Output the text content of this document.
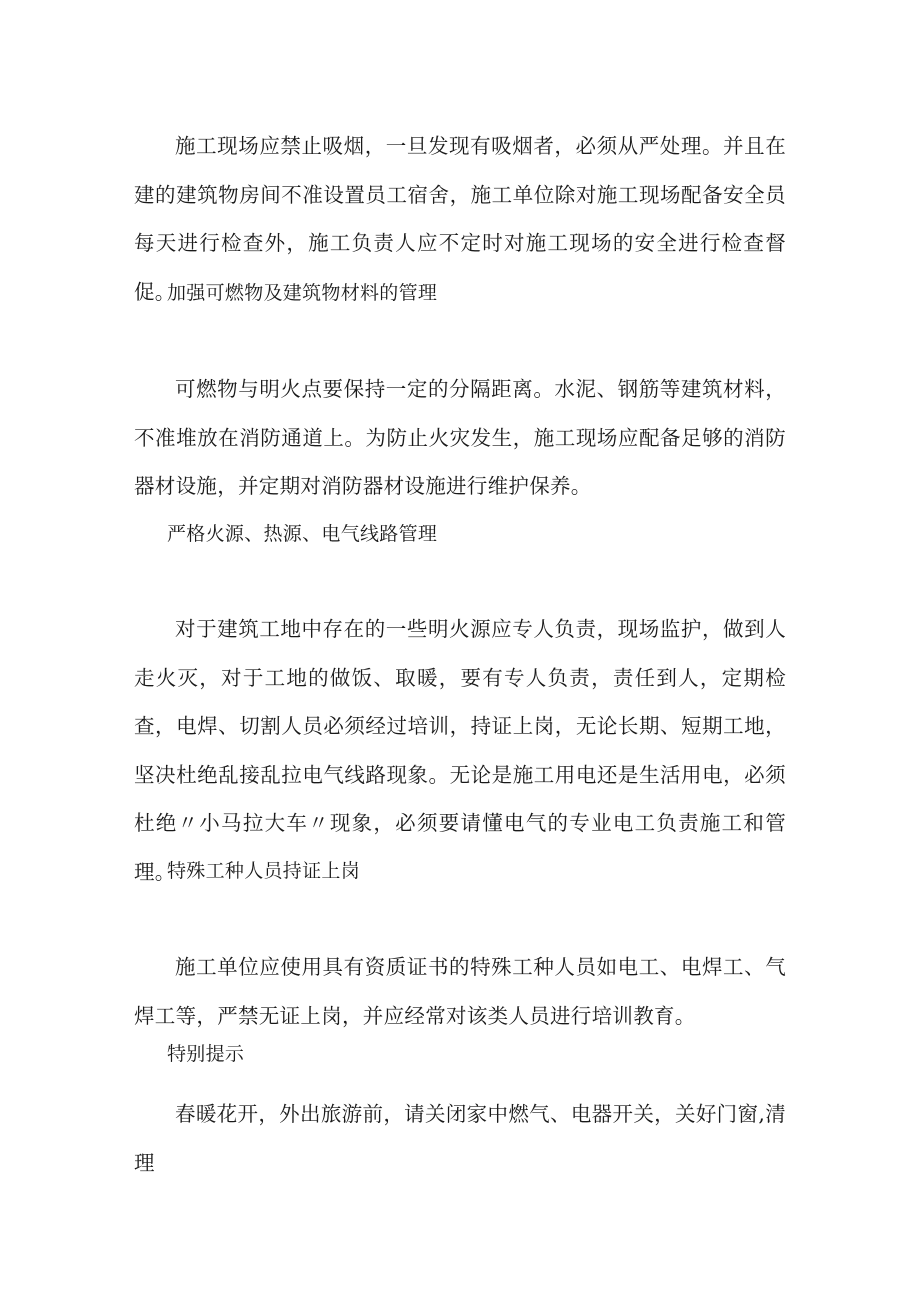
施工现场应禁止吸烟，一旦发现有吸烟者，必须从严处理。并且在建的建筑物房间不准设置员工宿舍，施工单位除对施工现场配备安全员每天进行检查外，施工负责人应不定时对施工现场的安全进行检查督促。

加强可燃物及建筑物材料的管理

可燃物与明火点要保持一定的分隔距离。水泥、钢筋等建筑材料，不准堆放在消防通道上。为防止火灾发生，施工现场应配备足够的消防器材设施，并定期对消防器材设施进行维护保养。

严格火源、热源、电气线路管理

对于建筑工地中存在的一些明火源应专人负责，现场监护，做到人走火灭，对于工地的做饭、取暖，要有专人负责，责任到人，定期检查，电焊、切割人员必须经过培训，持证上岗，无论长期、短期工地，坚决杜绝乱接乱拉电气线路现象。无论是施工用电还是生活用电，必须杜绝〃小马拉大车〃现象，必须要请懂电气的专业电工负责施工和管理。

特殊工种人员持证上岗

施工单位应使用具有资质证书的特殊工种人员如电工、电焊工、气焊工等，严禁无证上岗，并应经常对该类人员进行培训教育。

特别提示

春暖花开，外出旅游前，请关闭家中燃气、电器开关，关好门窗,清理
